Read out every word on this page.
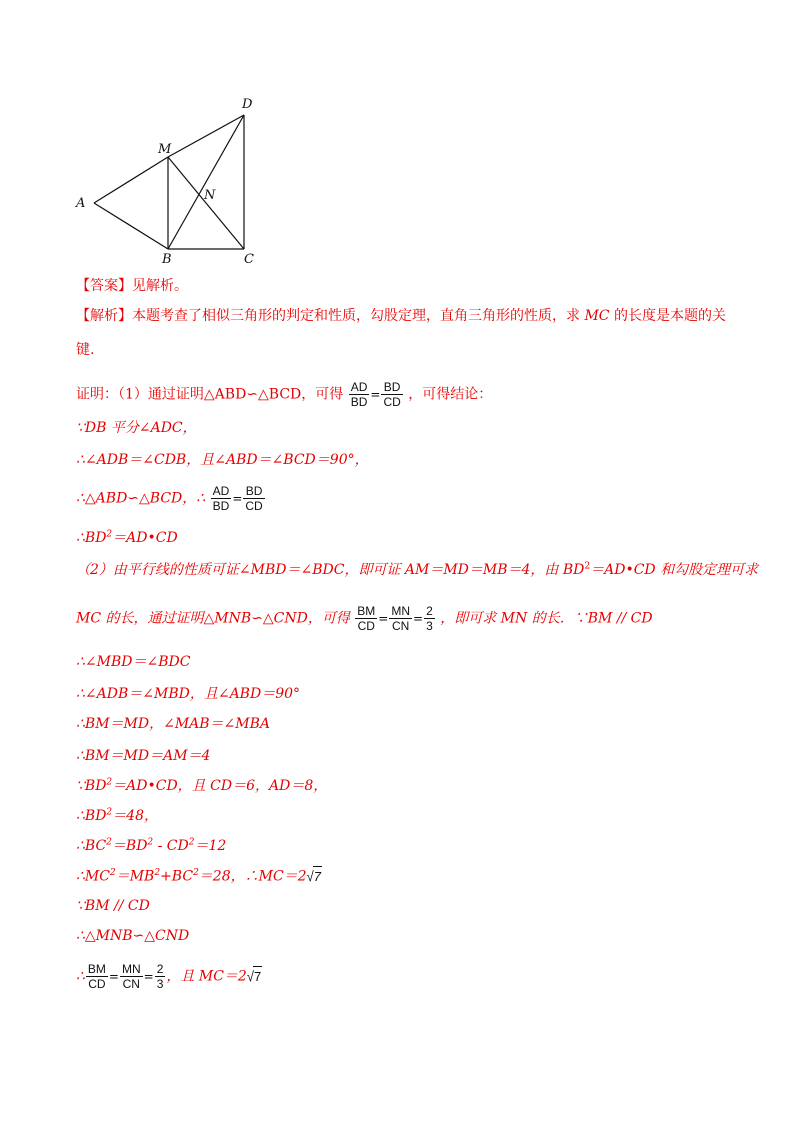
A
B	C
D
M
N
【答案】见解析。
【解析】本题考查了相似三角形的判定和性质，勾股定理，直角三角形的性质，求 MC 的长度是本题的关
键.
证明：（1）通过证明△ABD∽△BCD，可得 $\frac{AD}{BD} = \frac{BD}{CD}$ ，可得结论：
∵DB 平分∠ADC，
∴∠ADB＝∠CDB，且∠ABD＝∠BCD＝90°，
∴△ABD∽△BCD，∴ $\frac{AD}{BD} = \frac{BD}{CD}$
$\therefore BD^2=AD•CD$
（2）由平行线的性质可证∠MBD＝∠BDC，即可证 AM＝MD＝MB＝4，由 $BD^2=AD•CD$ 和勾股定理可求
MC 的长，通过证明△MNB∽△CND，可得 $\frac{BM}{CD} = \frac{MN}{CN} = \frac{2}{3}$ ，即可求 MN 的长．∵BM // CD
∴∠MBD＝∠BDC
∴∠ADB＝∠MBD，且∠ABD＝90°
∴BM＝MD，∠MAB＝∠MBA
∴BM＝MD＝AM＝4
$\because BD^2=AD•CD$，且 CD＝6，AD＝8，
$\therefore BD^2=48$，
$\therefore BC^2=BD^2 - CD^2=12$
$\therefore MC^2=MB^2+BC^2=28$，∴MC＝2√7
∵BM // CD
∴△MNB∽△CND
∴ $\frac{BM}{CD} = \frac{MN}{CN} = \frac{2}{3}$ ，且 MC＝2√7
